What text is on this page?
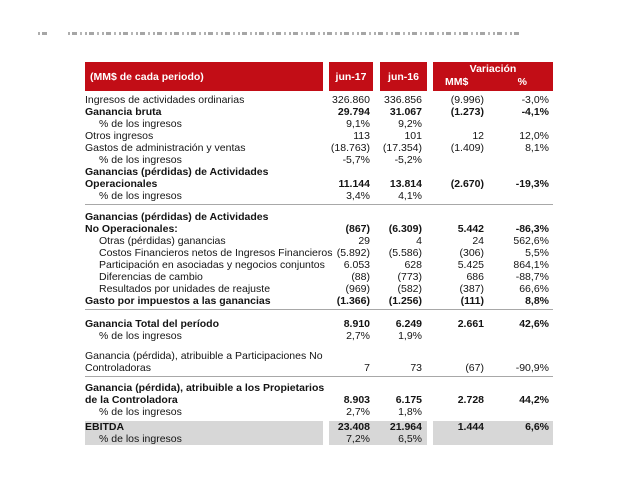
(MM$ de cada periodo)	jun-17 jun-16
Variación
MM$	%
Ingresos de actividades ordinarias	326.860	336.856	(9.996)	-3,0%
Ganancia bruta	29.794	31.067	(1.273)	-4,1%
% de los ingresos	9,1%	9,2%
Otros ingresos	113	101	12	12,0%
Gastos de administración y ventas	(18.763)	(17.354)	(1.409)	8,1%
% de los ingresos	-5,7%	-5,2%
Ganancias (pérdidas) de Actividades
Operacionales	11.144	13.814	(2.670)	-19,3%
% de los ingresos	3,4%	4,1%
Ganancias (pérdidas) de Actividades
No Operacionales:	(867)	(6.309)	5.442	-86,3%
Otras (pérdidas) ganancias	29	4	24	562,6%
Costos Financieros netos de Ingresos Financieros (5.892)	(5.586)	(306)	5,5%
Participación en asociadas y negocios conjuntos	6.053	628	5.425	864,1%
Diferencias de cambio	(88)	(773)	686	-88,7%
Resultados por unidades de reajuste	(969)	(582)	(387)	66,6%
Gasto por impuestos a las ganancias	(1.366)	(1.256)	(111)	8,8%
Ganancia Total del período	8.910	6.249	2.661	42,6%
% de los ingresos	2,7%	1,9%
Ganancia (pérdida), atribuible a Participaciones No
Controladoras	7	73	(67)	-90,9%
Ganancia (pérdida), atribuible a los Propietarios
de la Controladora	8.903	6.175	2.728	44,2%
% de los ingresos	2,7%	1,8%
EBITDA	23.408	21.964	1.444	6,6%
% de los ingresos	7,2%	6,5%
